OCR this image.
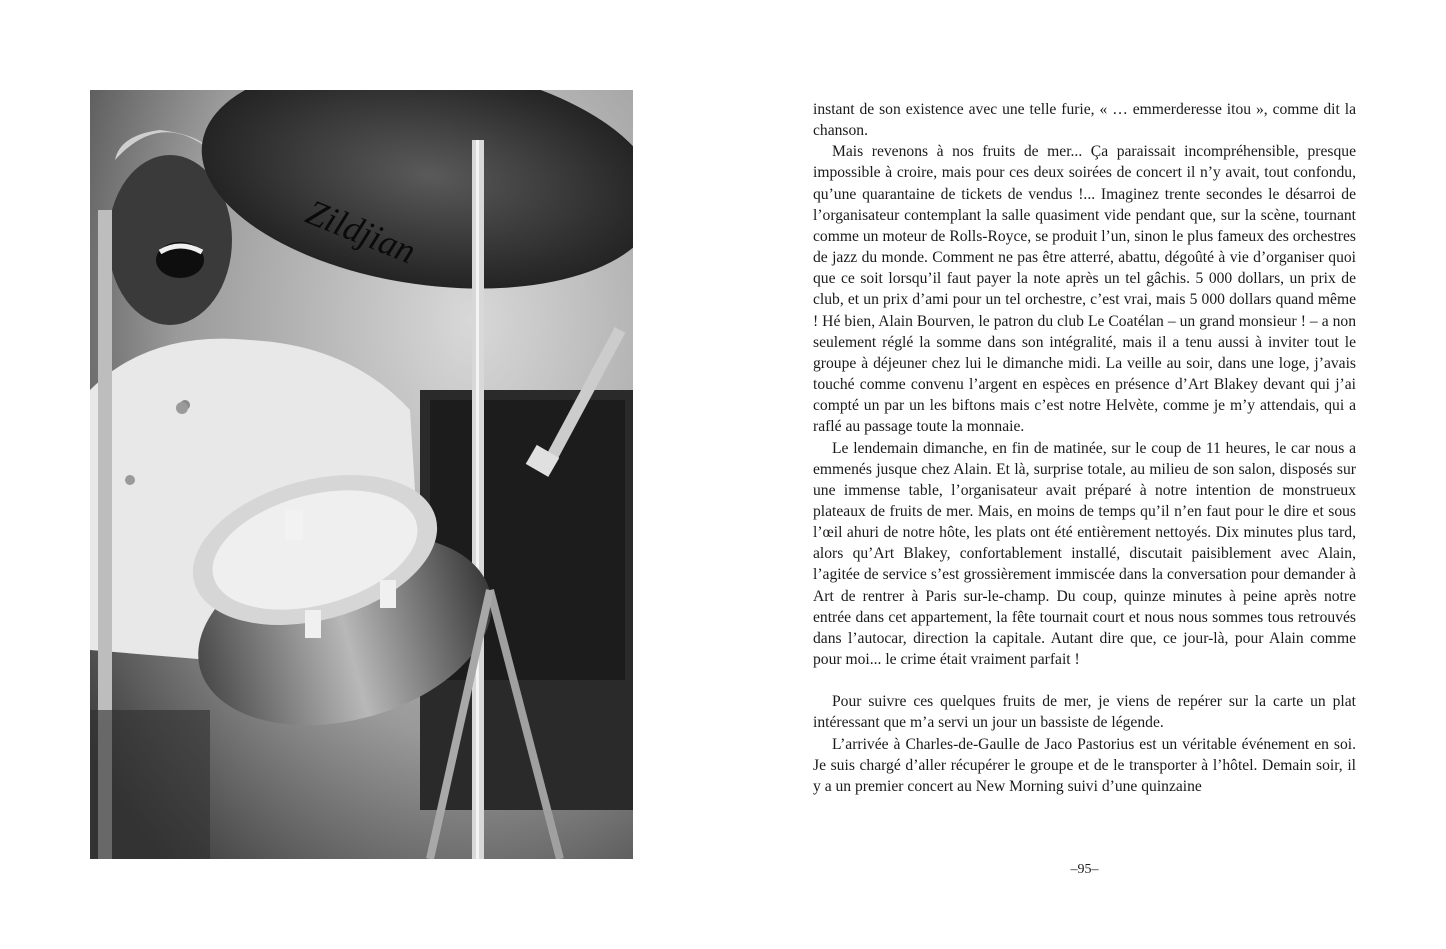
Zildjian

instant de son existence avec une telle furie, « … emmerderesse itou », comme dit la chanson.

Mais revenons à nos fruits de mer... Ça paraissait incompréhensible, presque impossible à croire, mais pour ces deux soirées de concert il n’y avait, tout confondu, qu’une quarantaine de tickets de vendus !... Imaginez trente secondes le désarroi de l’organisateur contemplant la salle quasiment vide pendant que, sur la scène, tournant comme un moteur de Rolls-Royce, se produit l’un, sinon le plus fameux des orchestres de jazz du monde. Comment ne pas être atterré, abattu, dégoûté à vie d’organiser quoi que ce soit lorsqu’il faut payer la note après un tel gâchis. 5 000 dollars, un prix de club, et un prix d’ami pour un tel orchestre, c’est vrai, mais 5 000 dollars quand même ! Hé bien, Alain Bourven, le patron du club Le Coatélan – un grand monsieur ! – a non seulement réglé la somme dans son intégralité, mais il a tenu aussi à inviter tout le groupe à déjeuner chez lui le dimanche midi. La veille au soir, dans une loge, j’avais touché comme convenu l’argent en espèces en présence d’Art Blakey devant qui j’ai compté un par un les biftons mais c’est notre Helvète, comme je m’y attendais, qui a raflé au passage toute la monnaie.

Le lendemain dimanche, en fin de matinée, sur le coup de 11 heures, le car nous a emmenés jusque chez Alain. Et là, surprise totale, au milieu de son salon, disposés sur une immense table, l’organisateur avait préparé à notre intention de monstrueux plateaux de fruits de mer. Mais, en moins de temps qu’il n’en faut pour le dire et sous l’œil ahuri de notre hôte, les plats ont été entièrement nettoyés. Dix minutes plus tard, alors qu’Art Blakey, confortablement installé, discutait paisiblement avec Alain, l’agitée de service s’est grossièrement immiscée dans la conversation pour demander à Art de rentrer à Paris sur-le-champ. Du coup, quinze minutes à peine après notre entrée dans cet appartement, la fête tournait court et nous nous sommes tous retrouvés dans l’autocar, direction la capitale. Autant dire que, ce jour-là, pour Alain comme pour moi... le crime était vraiment parfait !

Pour suivre ces quelques fruits de mer, je viens de repérer sur la carte un plat intéressant que m’a servi un jour un bassiste de légende.

L’arrivée à Charles-de-Gaulle de Jaco Pastorius est un véritable événement en soi. Je suis chargé d’aller récupérer le groupe et de le transporter à l’hôtel. Demain soir, il y a un premier concert au New Morning suivi d’une quinzaine

–95–
